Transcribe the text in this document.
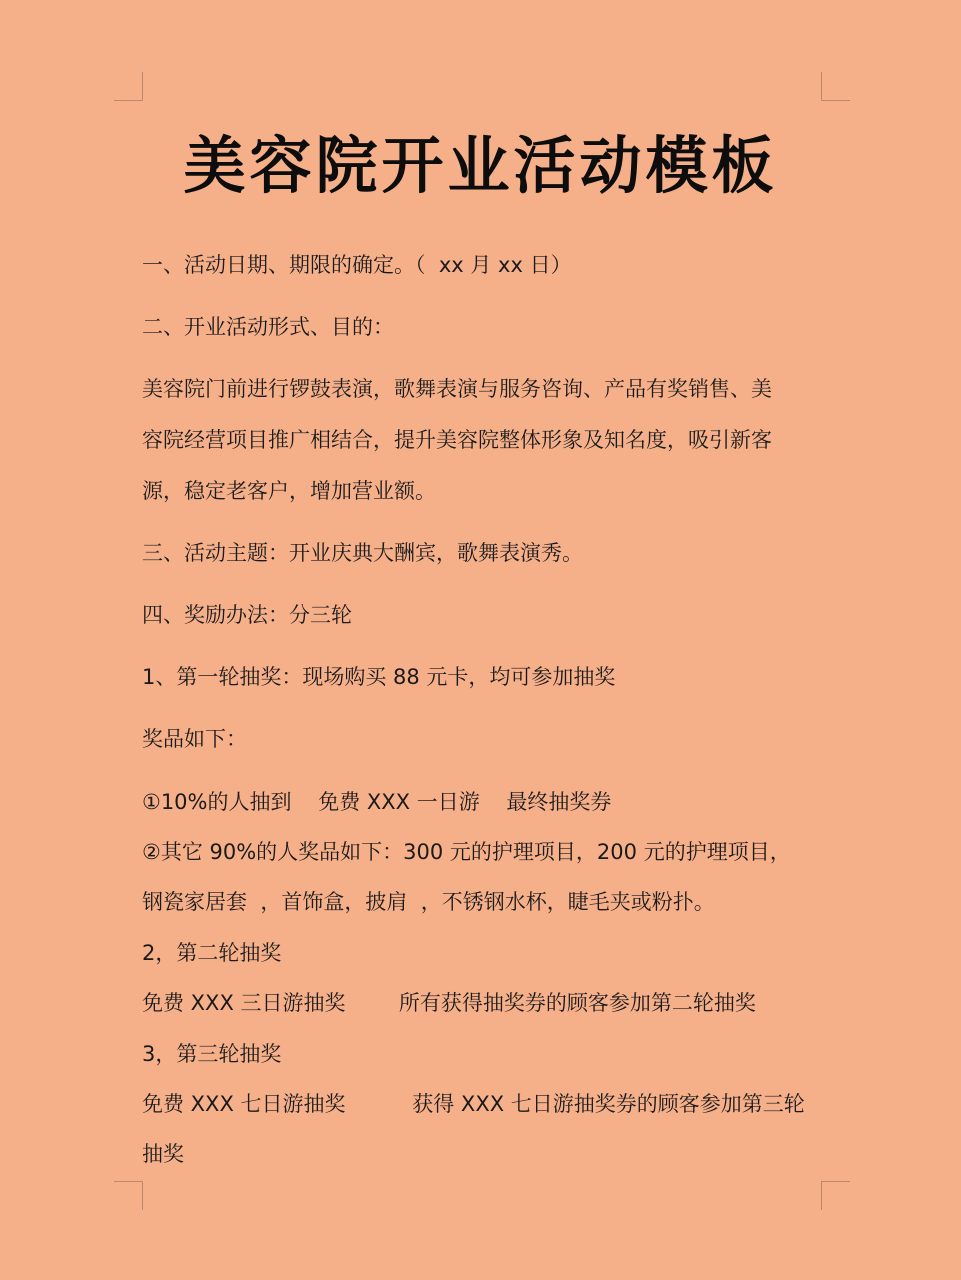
美容院开业活动模板
一、活动日期、期限的确定。（  xx 月 xx 日）
二、开业活动形式、目的：
美容院门前进行锣鼓表演，歌舞表演与服务咨询、产品有奖销售、美
容院经营项目推广相结合，提升美容院整体形象及知名度，吸引新客
源，稳定老客户，增加营业额。
三、活动主题：开业庆典大酬宾，歌舞表演秀。
四、奖励办法：分三轮
1、第一轮抽奖：现场购买 88 元卡，均可参加抽奖
奖品如下：
①10%的人抽到    免费 XXX 一日游    最终抽奖券
②其它 90%的人奖品如下：300 元的护理项目，200 元的护理项目，
钢瓷家居套  ，首饰盒，披肩  ，不锈钢水杯，睫毛夹或粉扑。
2，第二轮抽奖
免费 XXX 三日游抽奖        所有获得抽奖券的顾客参加第二轮抽奖
3，第三轮抽奖
免费 XXX 七日游抽奖          获得 XXX 七日游抽奖券的顾客参加第三轮
抽奖
